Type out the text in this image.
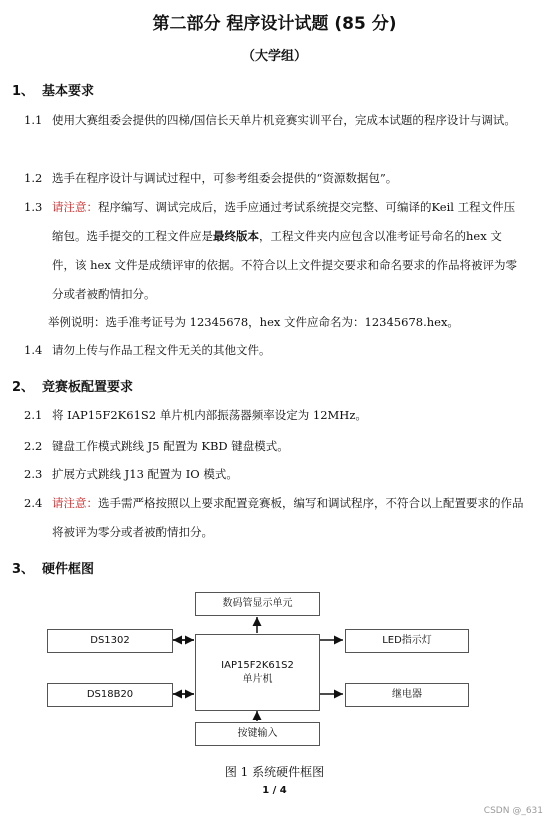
第二部分 程序设计试题 (85 分)
（大学组）
1、 基本要求
1.1 使用大赛组委会提供的四梯/国信长天单片机竞赛实训平台，完成本试题的程序设计与调试。
1.2 选手在程序设计与调试过程中，可参考组委会提供的“资源数据包”。
1.3 请注意：程序编写、调试完成后，选手应通过考试系统提交完整、可编译的Keil 工程文件压缩包。选手提交的工程文件应是最终版本，工程文件夹内应包含以准考证号命名的hex 文件，该 hex 文件是成绩评审的依据。不符合以上文件提交要求和命名要求的作品将被评为零分或者被酌情扣分。
举例说明：选手准考证号为 12345678，hex 文件应命名为：12345678.hex。
1.4 请勿上传与作品工程文件无关的其他文件。
2、 竞赛板配置要求
2.1 将 IAP15F2K61S2 单片机内部振荡器频率设定为 12MHz。
2.2 键盘工作模式跳线 J5 配置为 KBD 键盘模式。
2.3 扩展方式跳线 J13 配置为 IO 模式。
2.4 请注意：选手需严格按照以上要求配置竞赛板，编写和调试程序，不符合以上配置要求的作品将被评为零分或者被酌情扣分。
3、 硬件框图
数码管显示单元
DS1302
IAP15F2K61S2
单片机
LED指示灯
DS18B20	继电器
按键输入
图 1 系统硬件框图
1 / 4
CSDN @_631
